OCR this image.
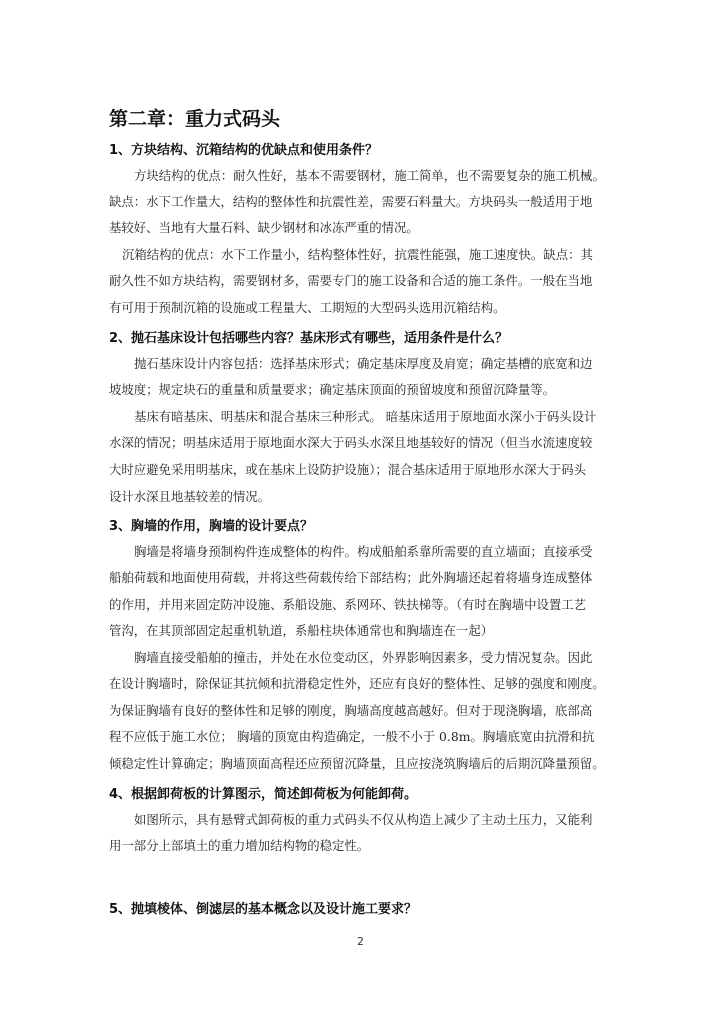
第二章：重力式码头

1、方块结构、沉箱结构的优缺点和使用条件？

方块结构的优点：耐久性好，基本不需要钢材，施工简单，也不需要复杂的施工机械。

缺点：水下工作量大，结构的整体性和抗震性差，需要石料量大。方块码头一般适用于地

基较好、当地有大量石料、缺少钢材和冰冻严重的情况。

沉箱结构的优点：水下工作量小，结构整体性好，抗震性能强，施工速度快。缺点：其

耐久性不如方块结构，需要钢材多，需要专门的施工设备和合适的施工条件。一般在当地

有可用于预制沉箱的设施或工程量大、工期短的大型码头选用沉箱结构。

2、抛石基床设计包括哪些内容？基床形式有哪些，适用条件是什么？

抛石基床设计内容包括：选择基床形式；确定基床厚度及肩宽；确定基槽的底宽和边

坡坡度；规定块石的重量和质量要求；确定基床顶面的预留坡度和预留沉降量等。

基床有暗基床、明基床和混合基床三种形式。 暗基床适用于原地面水深小于码头设计

水深的情况；明基床适用于原地面水深大于码头水深且地基较好的情况（但当水流速度较

大时应避免采用明基床，或在基床上设防护设施）；混合基床适用于原地形水深大于码头

设计水深且地基较差的情况。

3、胸墙的作用，胸墙的设计要点？

胸墙是将墙身预制构件连成整体的构件。构成船舶系靠所需要的直立墙面；直接承受

船舶荷载和地面使用荷载，并将这些荷载传给下部结构；此外胸墙还起着将墙身连成整体

的作用，并用来固定防冲设施、系船设施、系网环、铁扶梯等。（有时在胸墙中设置工艺

管沟，在其顶部固定起重机轨道，系船柱块体通常也和胸墙连在一起）

胸墙直接受船舶的撞击，并处在水位变动区，外界影响因素多，受力情况复杂。因此

在设计胸墙时，除保证其抗倾和抗滑稳定性外，还应有良好的整体性、足够的强度和刚度。

为保证胸墙有良好的整体性和足够的刚度，胸墙高度越高越好。但对于现浇胸墙，底部高

程不应低于施工水位； 胸墙的顶宽由构造确定，一般不小于 0.8m。胸墙底宽由抗滑和抗

倾稳定性计算确定；胸墙顶面高程还应预留沉降量，且应按浇筑胸墙后的后期沉降量预留。

4、根据卸荷板的计算图示，简述卸荷板为何能卸荷。

如图所示，具有悬臂式卸荷板的重力式码头不仅从构造上减少了主动土压力，又能利

用一部分上部填土的重力增加结构物的稳定性。

5、抛填棱体、倒滤层的基本概念以及设计施工要求？

2
